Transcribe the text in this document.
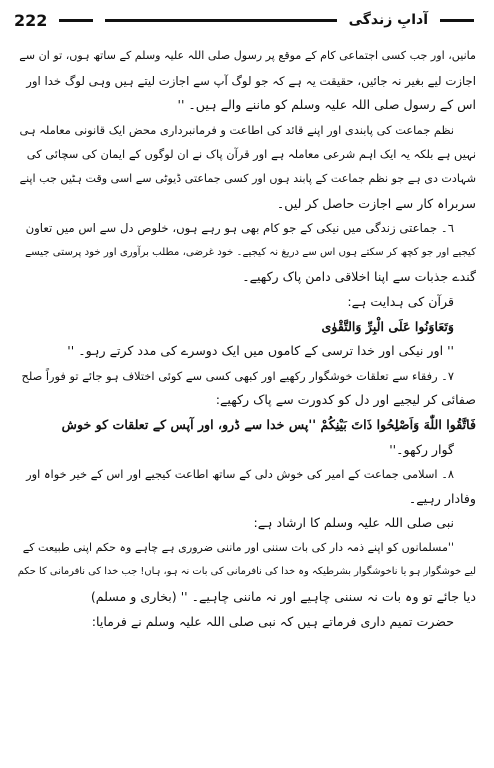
222	آدابِ زندگی
مانیں، اور جب کسی اجتماعی کام کے موقع پر رسول صلی اللہ علیہ وسلم کے ساتھ ہوں، تو ان سے
اجازت لیے بغیر نہ جائیں، حقیقت یہ ہے کہ جو لوگ آپ سے اجازت لیتے ہیں وہی لوگ خدا اور
اس کے رسول صلی اللہ علیہ وسلم کو ماننے والے ہیں۔ ''
نظم جماعت کی پابندی اور اپنے قائد کی اطاعت و فرمانبرداری محض ایک قانونی معاملہ ہی
نہیں ہے بلکہ یہ ایک اہم شرعی معاملہ ہے اور قرآن پاک نے ان لوگوں کے ایمان کی سچائی کی
شہادت دی ہے جو نظم جماعت کے پابند ہوں اور کسی جماعتی ڈیوٹی سے اسی وقت ہٹیں جب اپنے
سربراہ کار سے اجازت حاصل کر لیں۔
٦۔ جماعتی زندگی میں نیکی کے جو کام بھی ہو رہے ہوں، خلوص دل سے اس میں تعاون
کیجیے اور جو کچھ کر سکتے ہوں اس سے دریغ نہ کیجیے۔ خود غرضی، مطلب برآوری اور خود پرستی جیسے
گندے جذبات سے اپنا اخلاقی دامن پاک رکھیے۔
قرآن کی ہدایت ہے:
وَتَعَاوَنُوا عَلَى الْبِرِّ وَالتَّقْوٰى
'' اور نیکی اور خدا ترسی کے کاموں میں ایک دوسرے کی مدد کرتے رہو۔ ''
٧۔ رفقاء سے تعلقات خوشگوار رکھیے اور کبھی کسی سے کوئی اختلاف ہو جائے تو فوراً صلح
صفائی کر لیجیے اور دل کو کدورت سے پاک رکھیے:
فَاتَّقُوا اللّٰهَ وَاَصْلِحُوا ذَاتَ بَيْنِكُمْ ''پس خدا سے ڈرو، اور آپس کے تعلقات کو خوش
گوار رکھو۔''
٨۔ اسلامی جماعت کے امیر کی خوش دلی کے ساتھ اطاعت کیجیے اور اس کے خیر خواہ اور
وفادار رہیے۔
نبی صلی اللہ علیہ وسلم کا ارشاد ہے:
''مسلمانوں کو اپنے ذمہ دار کی بات سننی اور ماننی ضروری ہے چاہے وہ حکم اپنی طبیعت کے
لیے خوشگوار ہو یا ناخوشگوار بشرطیکہ وہ خدا کی نافرمانی کی بات نہ ہو، ہاں! جب خدا کی نافرمانی کا حکم
دیا جائے تو وہ بات نہ سننی چاہیے اور نہ ماننی چاہیے۔ '' (بخاری و مسلم)
حضرت تمیم داری فرماتے ہیں کہ نبی صلی اللہ علیہ وسلم نے فرمایا:
